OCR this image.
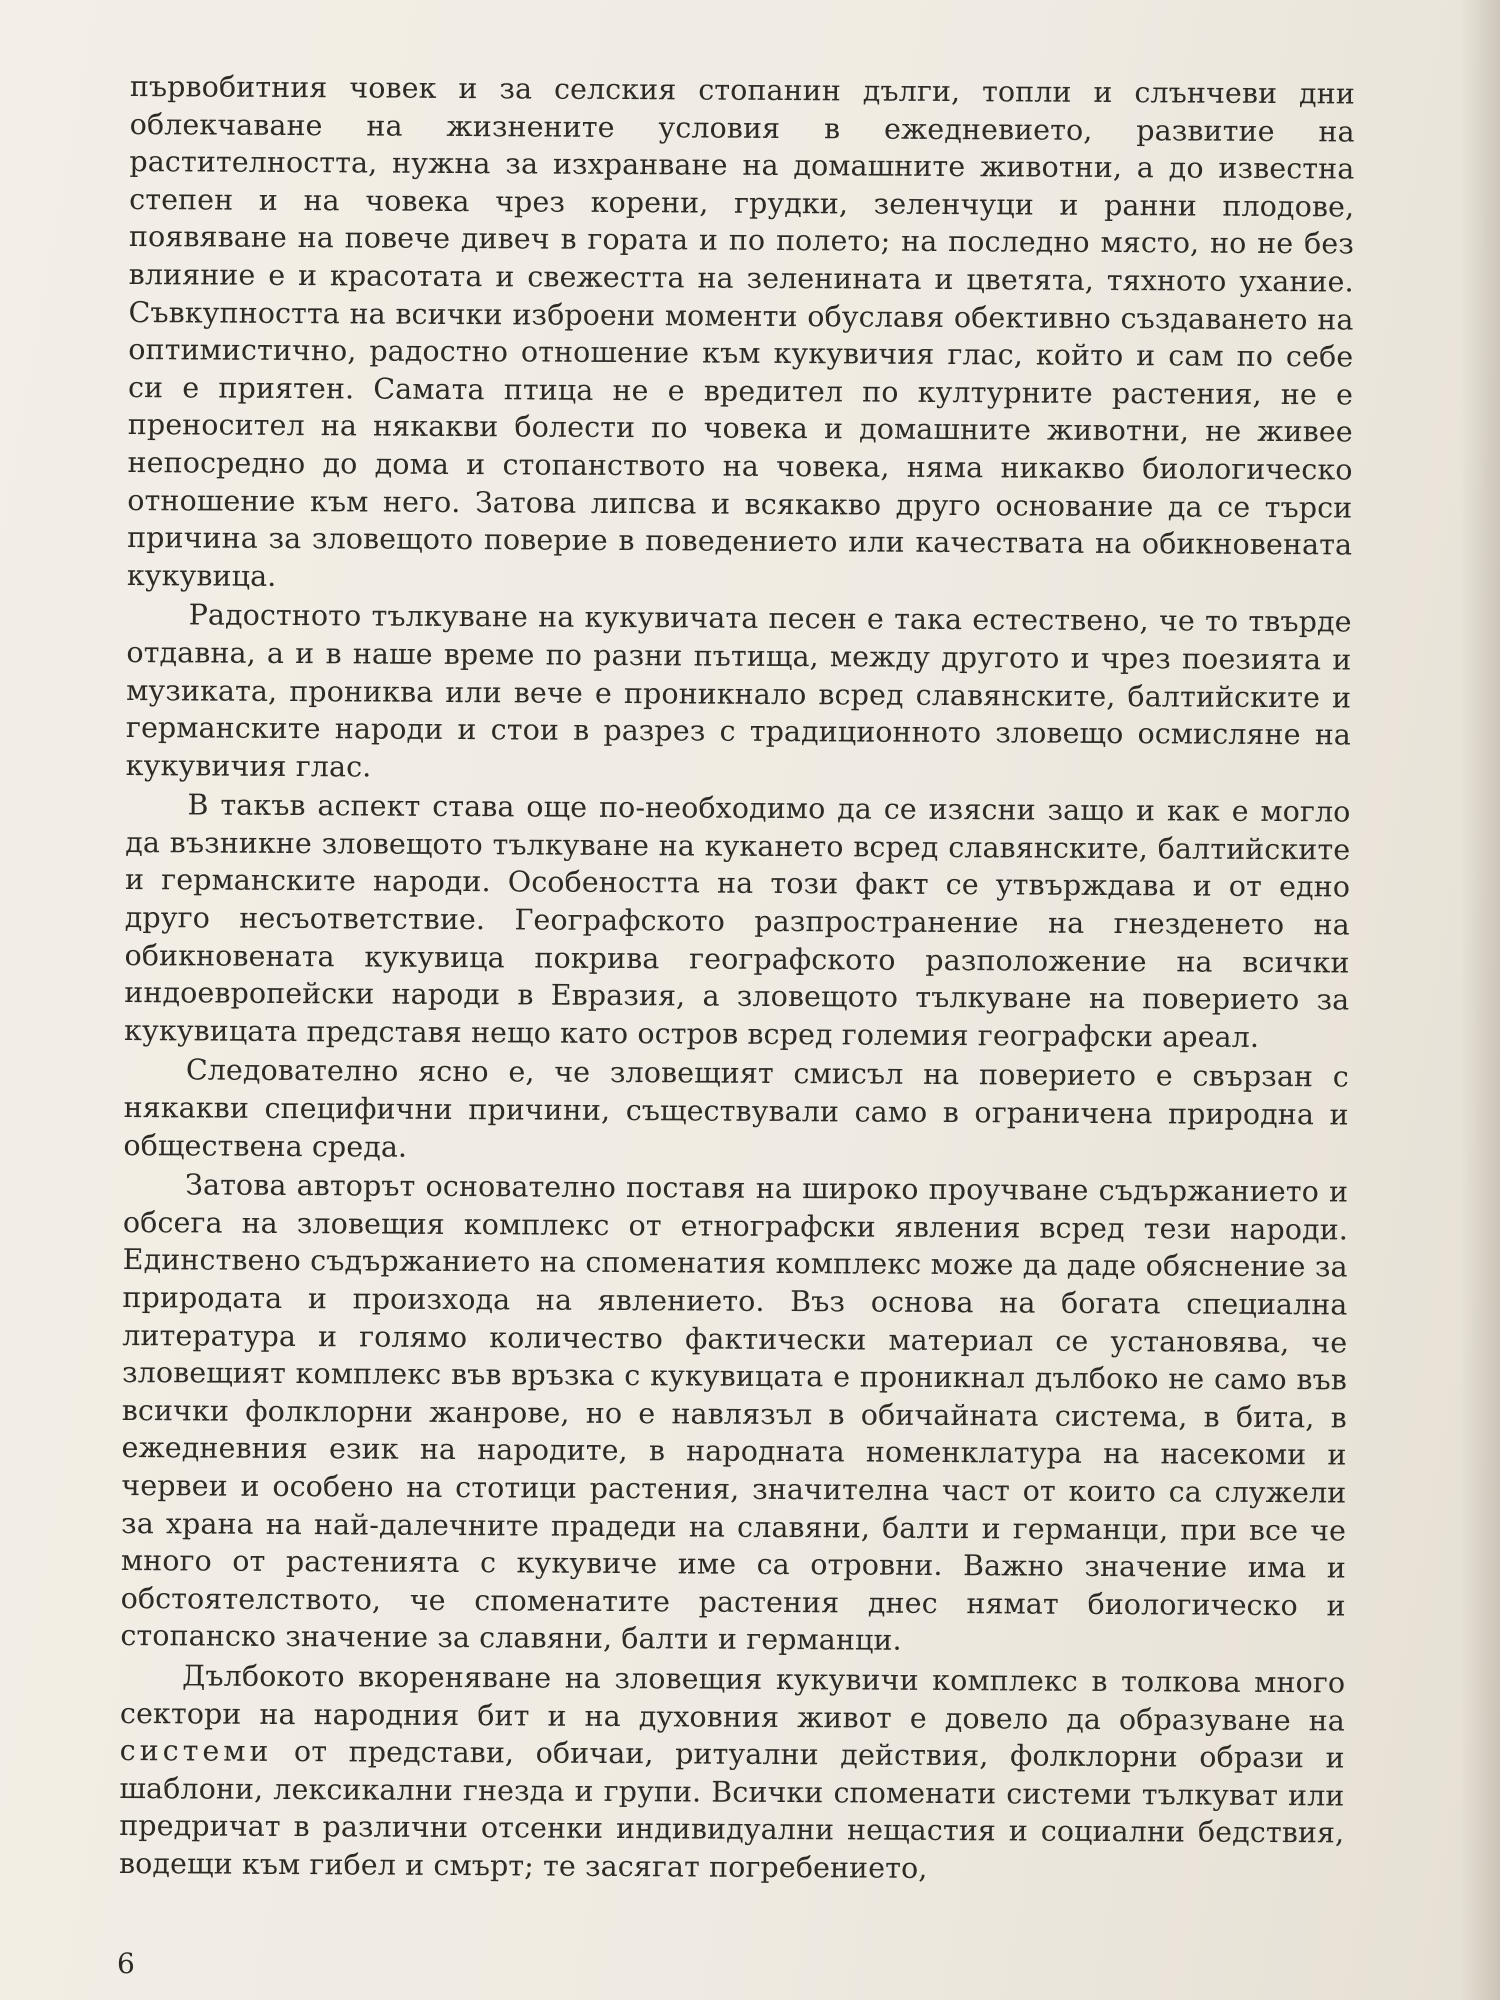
първобитния човек и за селския стопанин дълги, топли и слънчеви дни облекчаване на жизнените условия в ежедневието, развитие на растителността, нужна за изхранване на домашните животни, а до известна степен и на човека чрез корени, грудки, зеленчуци и ранни плодове, появяване на повече дивеч в гората и по полето; на последно място, но не без влияние е и красотата и свежестта на зеленината и цветята, тяхното ухание. Съвкупността на всички изброени моменти обуславя обективно създаването на оптимистично, радостно отношение към кукувичия глас, който и сам по себе си е приятен. Самата птица не е вредител по културните растения, не е преносител на някакви болести по човека и домашните животни, не живее непосредно до дома и стопанството на човека, няма никакво биологическо отношение към него. Затова липсва и всякакво друго основание да се търси причина за зловещото поверие в поведението или качествата на обикновената кукувица.

Радостното тълкуване на кукувичата песен е така естествено, че то твърде отдавна, а и в наше време по разни пътища, между другото и чрез поезията и музиката, прониква или вече е проникнало всред славянските, балтийските и германските народи и стои в разрез с традиционното зловещо осмисляне на кукувичия глас.

В такъв аспект става още по-необходимо да се изясни защо и как е могло да възникне зловещото тълкуване на куканeто всред славянските, балтийските и германските народи. Особеността на този факт се утвърждава и от едно друго несъответствие. Географското разпространение на гнезденето на обикновената кукувица покрива географското разположение на всички индоевропейски народи в Евразия, а зловещото тълкуване на поверието за кукувицата представя нещо като остров всред големия географски ареал.

Следователно ясно е, че зловещият смисъл на поверието е свързан с някакви специфични причини, съществували само в ограничена природна и обществена среда.

Затова авторът основателно поставя на широко проучване съдържанието и обсега на зловещия комплекс от етнографски явления всред тези народи. Единствено съдържанието на споменатия комплекс може да даде обяснение за природата и произхода на явлението. Въз основа на богата специална литература и голямо количество фактически материал се установява, че зловещият комплекс във връзка с кукувицата е проникнал дълбоко не само във всички фолклорни жанрове, но е навлязъл в обичайната система, в бита, в ежедневния език на народите, в народната номенклатура на насекоми и червеи и особено на стотици растения, значителна част от които са служели за храна на най-далечните прадеди на славяни, балти и германци, при все че много от растенията с кукувиче име са отровни. Важно значение има и обстоятелството, че споменатите растения днес нямат биологическо и стопанско значение за славяни, балти и германци.

Дълбокото вкореняване на зловещия кукувичи комплекс в толкова много сектори на народния бит и на духовния живот е довело да образуване на системи от представи, обичаи, ритуални действия, фолклорни образи и шаблони, лексикални гнезда и групи. Всички споменати системи тълкуват или предричат в различни отсенки индивидуални нещастия и социални бедствия, водещи към гибел и смърт; те засягат погребението,

6
